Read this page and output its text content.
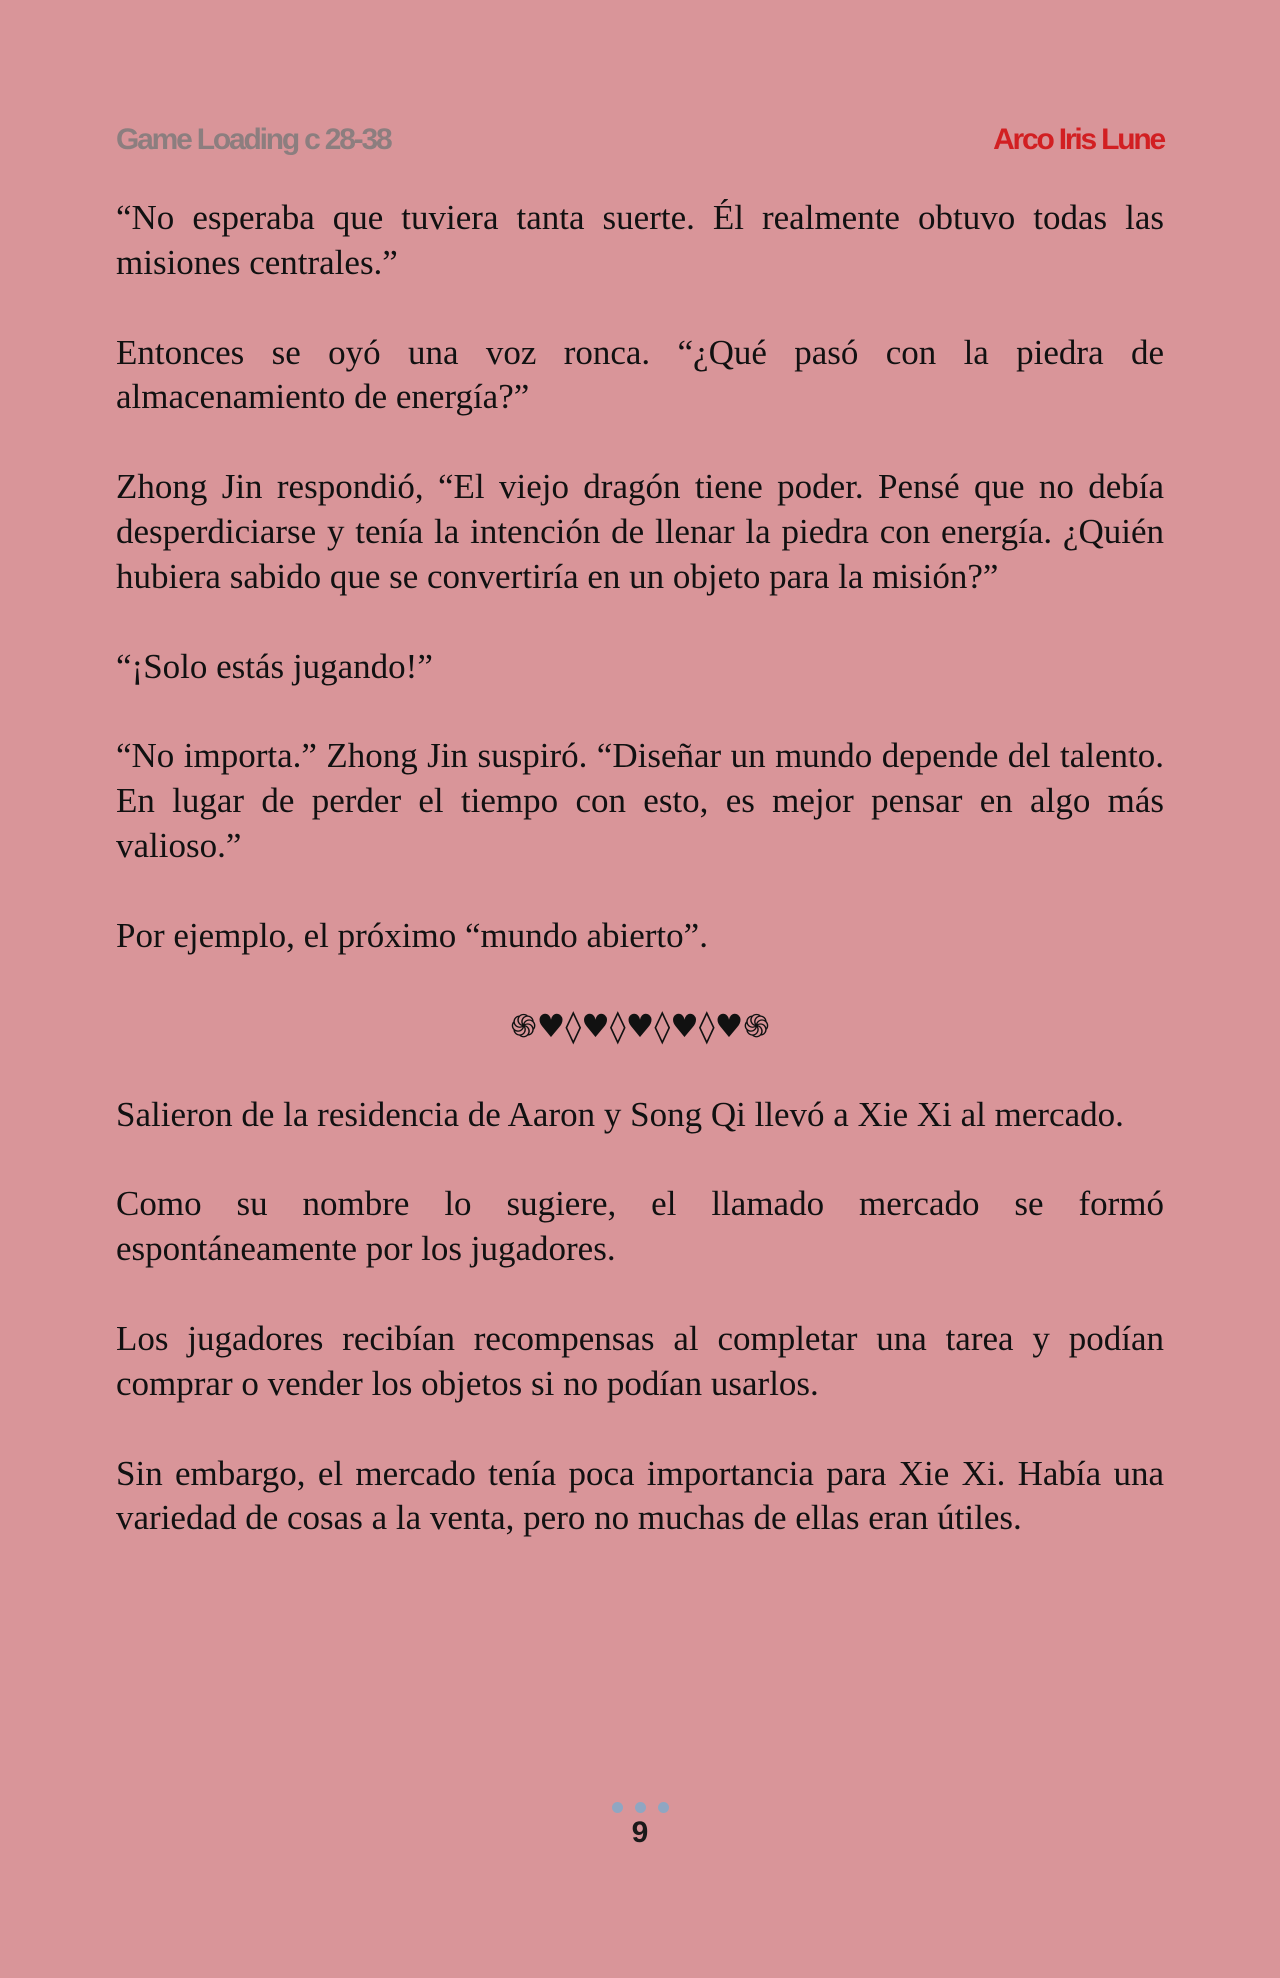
Game Loading c 28-38	Arco Iris Lune

“No esperaba que tuviera tanta suerte. Él realmente obtuvo todas las misiones centrales.”

Entonces se oyó una voz ronca. “¿Qué pasó con la piedra de almacenamiento de energía?”

Zhong Jin respondió, “El viejo dragón tiene poder. Pensé que no debía desperdiciarse y tenía la intención de llenar la piedra con energía. ¿Quién hubiera sabido que se convertiría en un objeto para la misión?”

“¡Solo estás jugando!”

“No importa.” Zhong Jin suspiró. “Diseñar un mundo depende del talento. En lugar de perder el tiempo con esto, es mejor pensar en algo más valioso.”

Por ejemplo, el próximo “mundo abierto”.

֍♥◊♥◊♥◊♥◊♥֍

Salieron de la residencia de Aaron y Song Qi llevó a Xie Xi al mercado.

Como su nombre lo sugiere, el llamado mercado se formó espontáneamente por los jugadores.

Los jugadores recibían recompensas al completar una tarea y podían comprar o vender los objetos si no podían usarlos.

Sin embargo, el mercado tenía poca importancia para Xie Xi. Había una variedad de cosas a la venta, pero no muchas de ellas eran útiles.

9
